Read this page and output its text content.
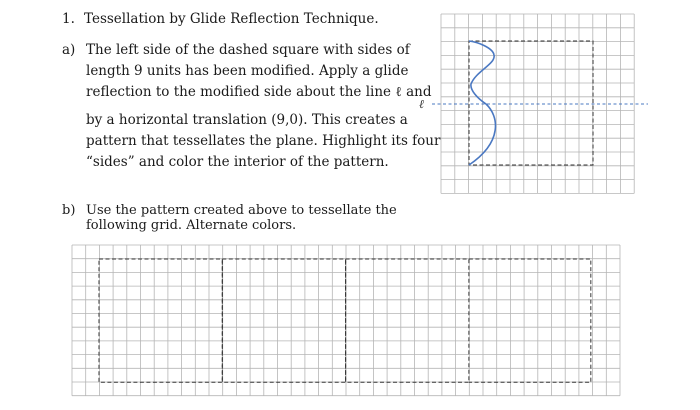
1. Tessellation by Glide Reflection Technique.
a) The left side of the dashed square with sides of
length 9 units has been modified. Apply a glide
reflection to the modified side about the line ℓ and
by a horizontal translation (9,0). This creates a
pattern that tessellates the plane. Highlight its four
“sides” and color the interior of the pattern.
b) Use the pattern created above to tessellate the
following grid. Alternate colors.
ℓ
